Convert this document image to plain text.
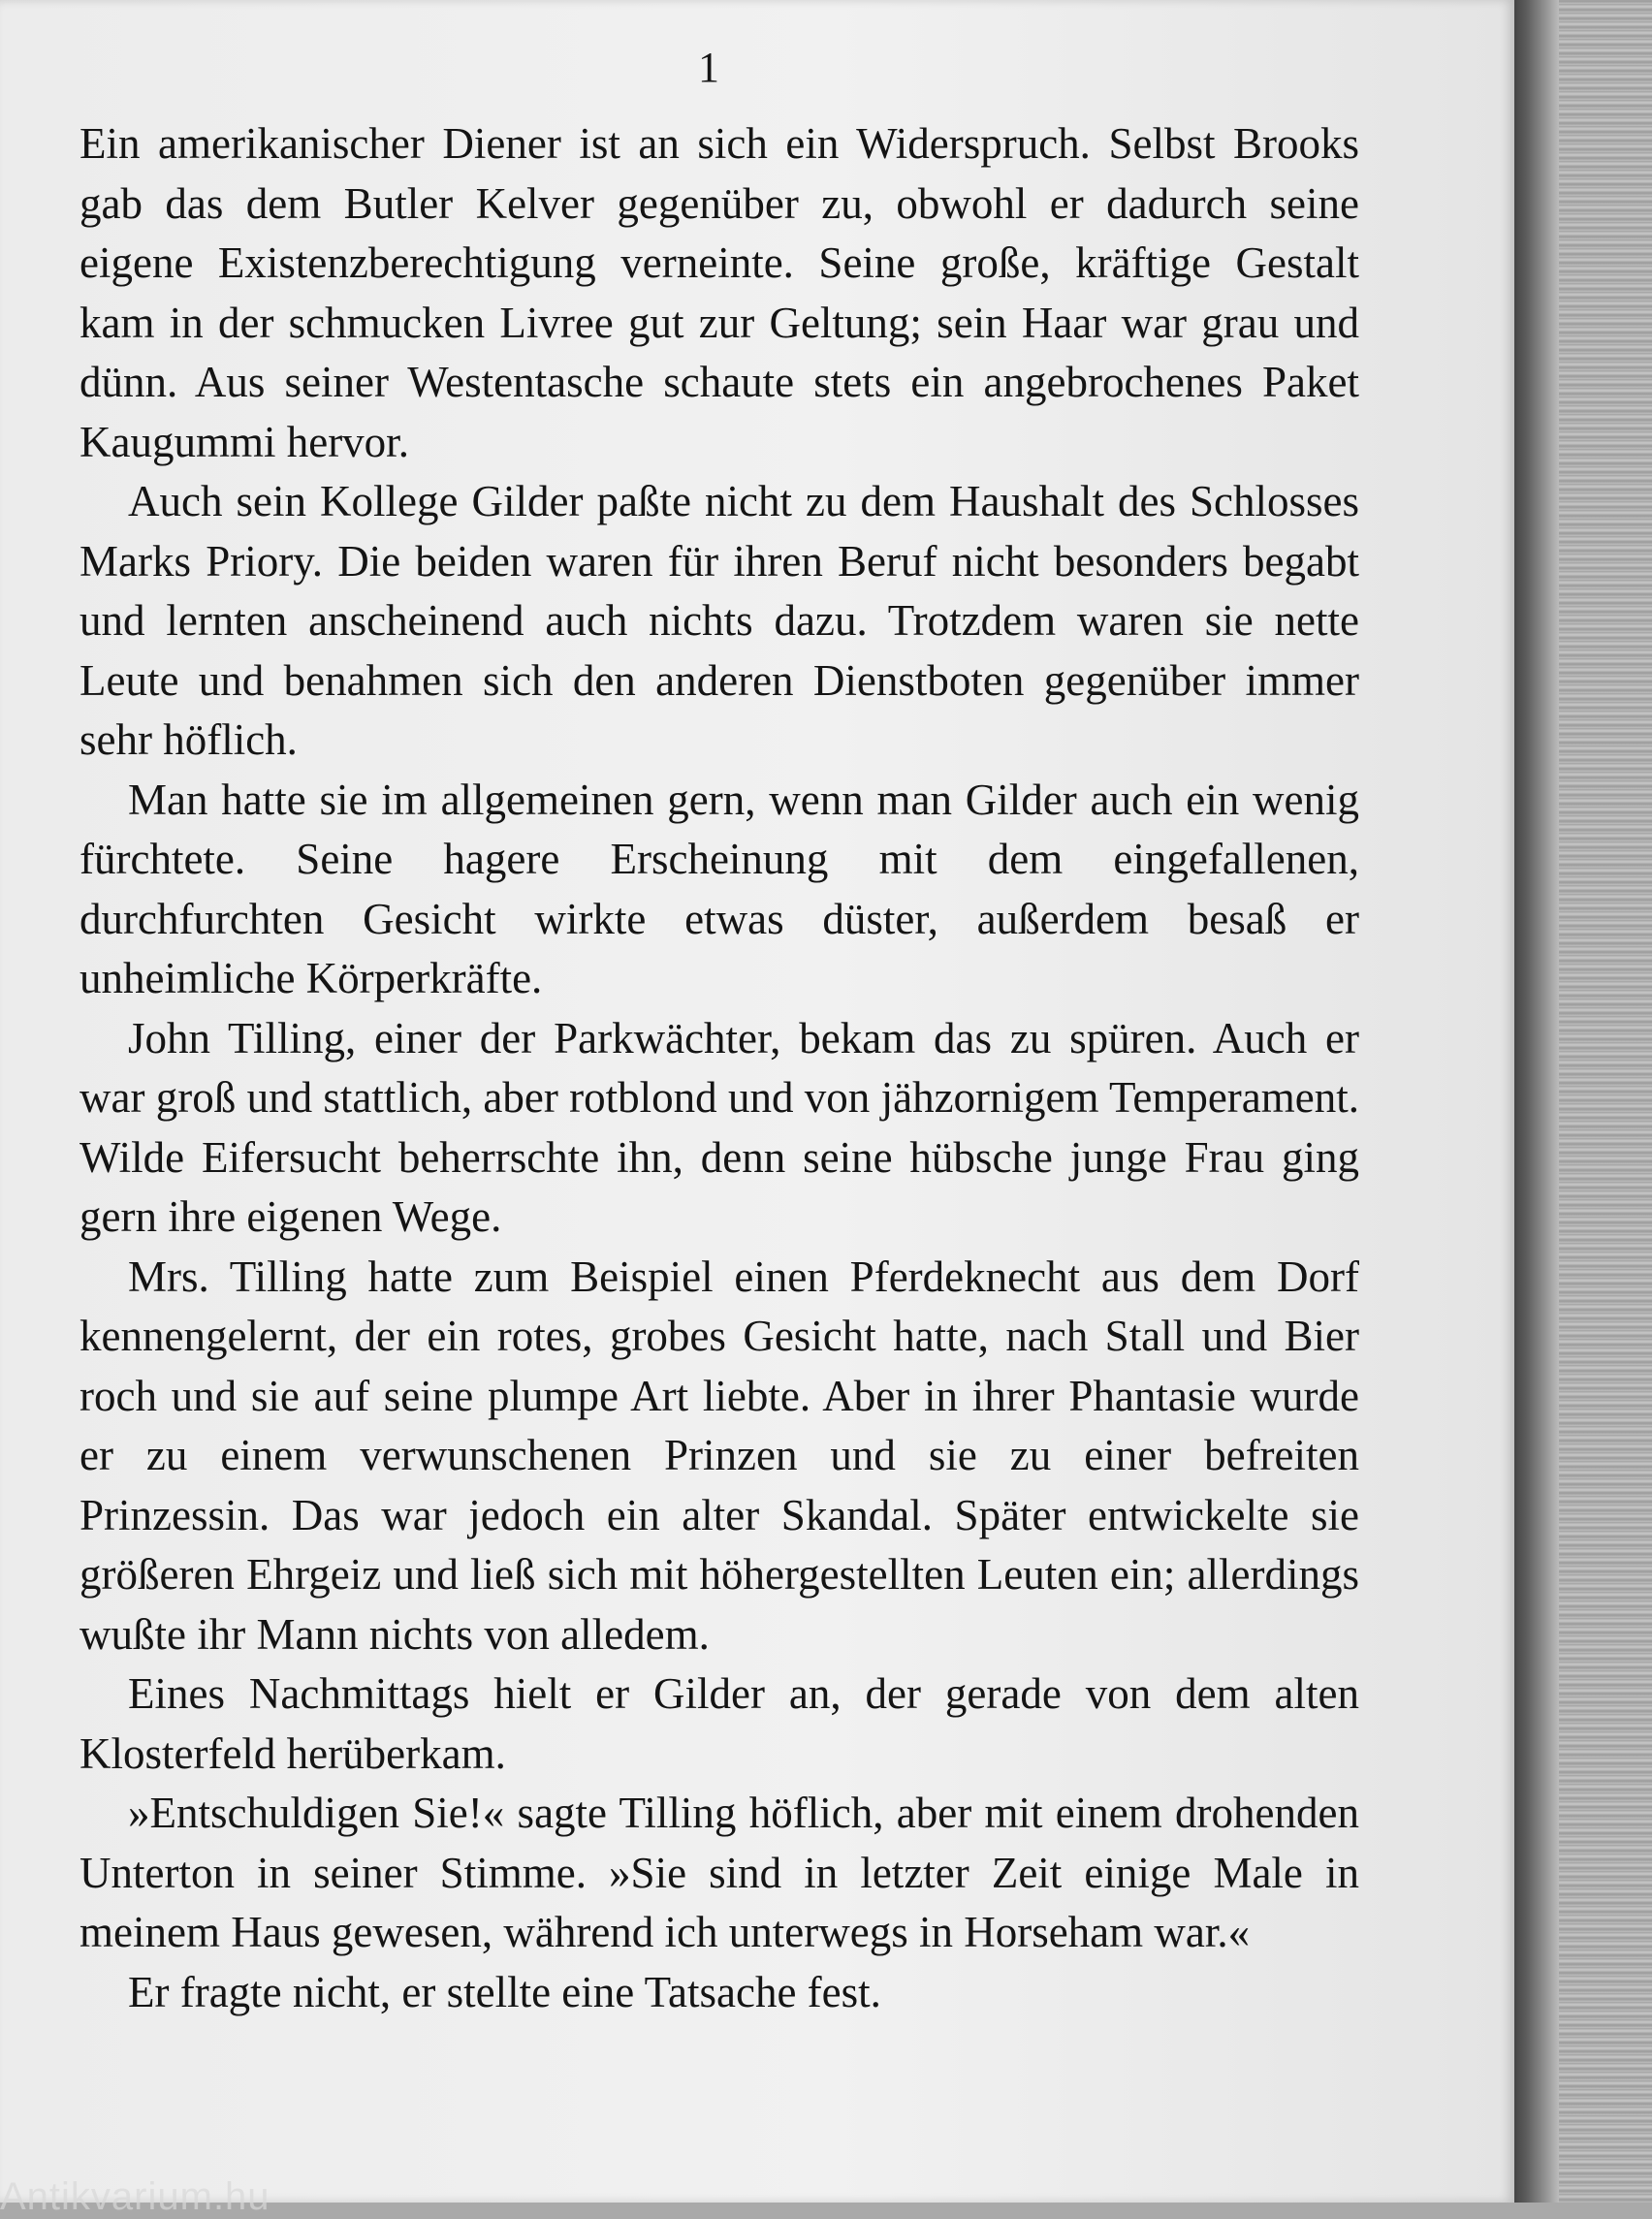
1

Ein amerikanischer Diener ist an sich ein Widerspruch. Selbst Brooks gab das dem Butler Kelver gegenüber zu, obwohl er dadurch seine eigene Existenzberechtigung verneinte. Seine große, kräftige Gestalt kam in der schmucken Livree gut zur Geltung; sein Haar war grau und dünn. Aus seiner Westentasche schaute stets ein angebrochenes Paket Kaugummi hervor.

Auch sein Kollege Gilder paßte nicht zu dem Haushalt des Schlosses Marks Priory. Die beiden waren für ihren Beruf nicht besonders begabt und lernten anscheinend auch nichts dazu. Trotzdem waren sie nette Leute und benahmen sich den anderen Dienstboten gegenüber immer sehr höflich.

Man hatte sie im allgemeinen gern, wenn man Gilder auch ein wenig fürchtete. Seine hagere Erscheinung mit dem eingefallenen, durchfurchten Gesicht wirkte etwas düster, außerdem besaß er unheimliche Körperkräfte.

John Tilling, einer der Parkwächter, bekam das zu spüren. Auch er war groß und stattlich, aber rotblond und von jähzornigem Temperament. Wilde Eifersucht beherrschte ihn, denn seine hübsche junge Frau ging gern ihre eigenen Wege.

Mrs. Tilling hatte zum Beispiel einen Pferdeknecht aus dem Dorf kennengelernt, der ein rotes, grobes Gesicht hatte, nach Stall und Bier roch und sie auf seine plumpe Art liebte. Aber in ihrer Phantasie wurde er zu einem verwunschenen Prinzen und sie zu einer befreiten Prinzessin. Das war jedoch ein alter Skandal. Später entwickelte sie größeren Ehrgeiz und ließ sich mit höhergestellten Leuten ein; allerdings wußte ihr Mann nichts von alledem.

Eines Nachmittags hielt er Gilder an, der gerade von dem alten Klosterfeld herüberkam.

»Entschuldigen Sie!« sagte Tilling höflich, aber mit einem drohenden Unterton in seiner Stimme. »Sie sind in letzter Zeit einige Male in meinem Haus gewesen, während ich unterwegs in Horseham war.«

Er fragte nicht, er stellte eine Tatsache fest.

Antikvarium.hu
